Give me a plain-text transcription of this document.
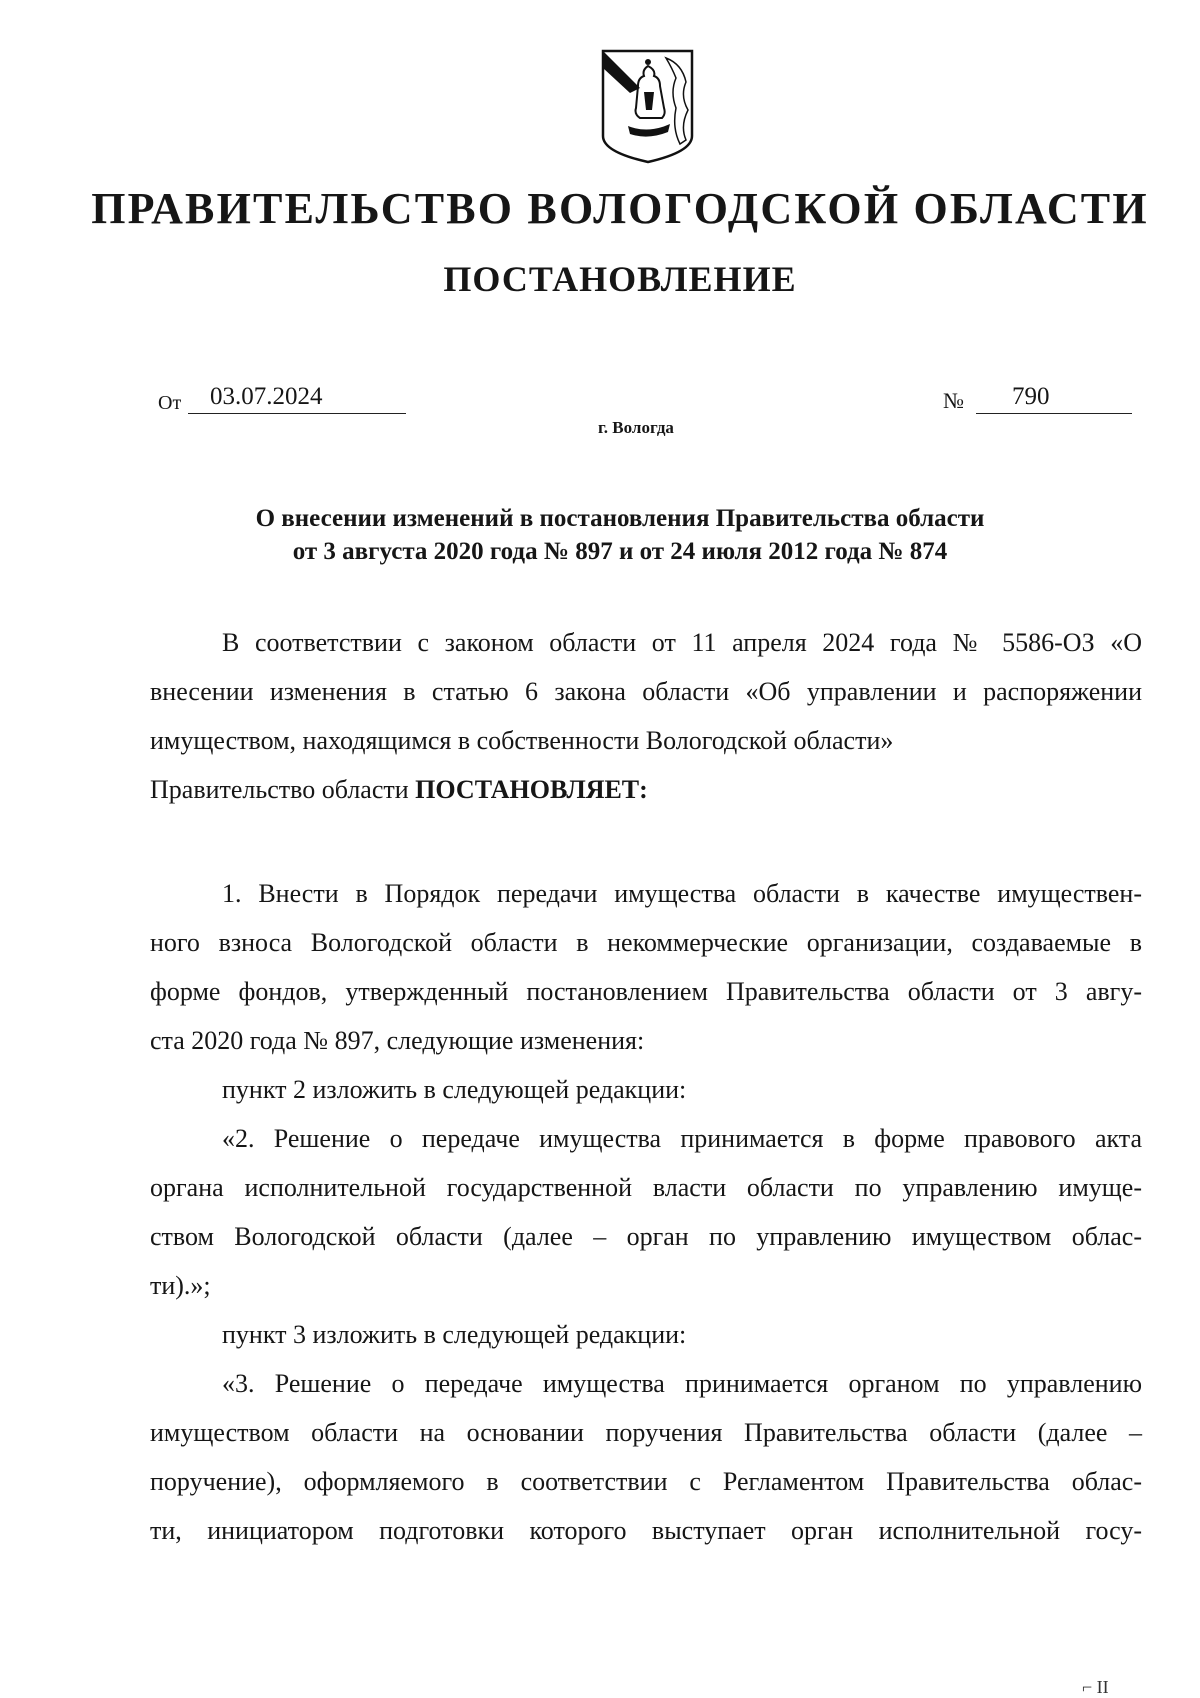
ПРАВИТЕЛЬСТВО ВОЛОГОДСКОЙ ОБЛАСТИ
ПОСТАНОВЛЕНИЕ
От	03.07.2024	№	790
г. Вологда
О внесении изменений в постановления Правительства области
от 3 августа 2020 года № 897 и от 24 июля 2012 года № 874
В соответствии с законом области от 11 апреля 2024 года № 5586-ОЗ «О
внесении изменения в статью 6 закона области «Об управлении и распоряжении
имуществом, находящимся в собственности Вологодской области»
Правительство области ПОСТАНОВЛЯЕТ:
1. Внести в Порядок передачи имущества области в качестве имуществен-
ного взноса Вологодской области в некоммерческие организации, создаваемые в
форме фондов, утвержденный постановлением Правительства области от 3 авгу-
ста 2020 года № 897, следующие изменения:
пункт 2 изложить в следующей редакции:
«2. Решение о передаче имущества принимается в форме правового акта
органа исполнительной государственной власти области по управлению имуще-
ством Вологодской области (далее – орган по управлению имуществом облас-
ти).»;
пункт 3 изложить в следующей редакции:
«3. Решение о передаче имущества принимается органом по управлению
имуществом области на основании поручения Правительства области (далее –
поручение), оформляемого в соответствии с Регламентом Правительства облас-
ти, инициатором подготовки которого выступает орган исполнительной госу-
⌐ II
